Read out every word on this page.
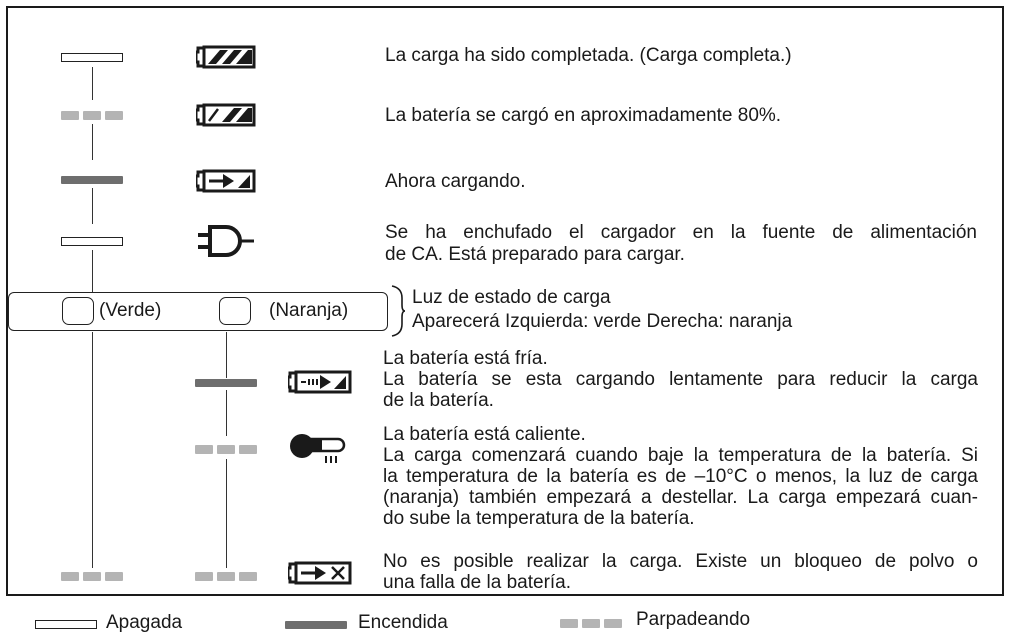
La carga ha sido completada. (Carga completa.)
La batería se cargó en aproximadamente 80%.
Ahora cargando.
Se ha enchufado el cargador en la fuente de alimentación
de CA. Está preparado para cargar.
(Verde)	(Naranja)
Luz de estado de carga
Aparecerá Izquierda: verde Derecha: naranja
La batería está fría.
La batería se esta cargando lentamente para reducir la carga
de la batería.
La batería está caliente.
La carga comenzará cuando baje la temperatura de la batería. Si
la temperatura de la batería es de –10°C o menos, la luz de carga
(naranja) también empezará a destellar. La carga empezará cuan-
do sube la temperatura de la batería.
No es posible realizar la carga. Existe un bloqueo de polvo o
una falla de la batería.
Apagada	Encendida	Parpadeando
